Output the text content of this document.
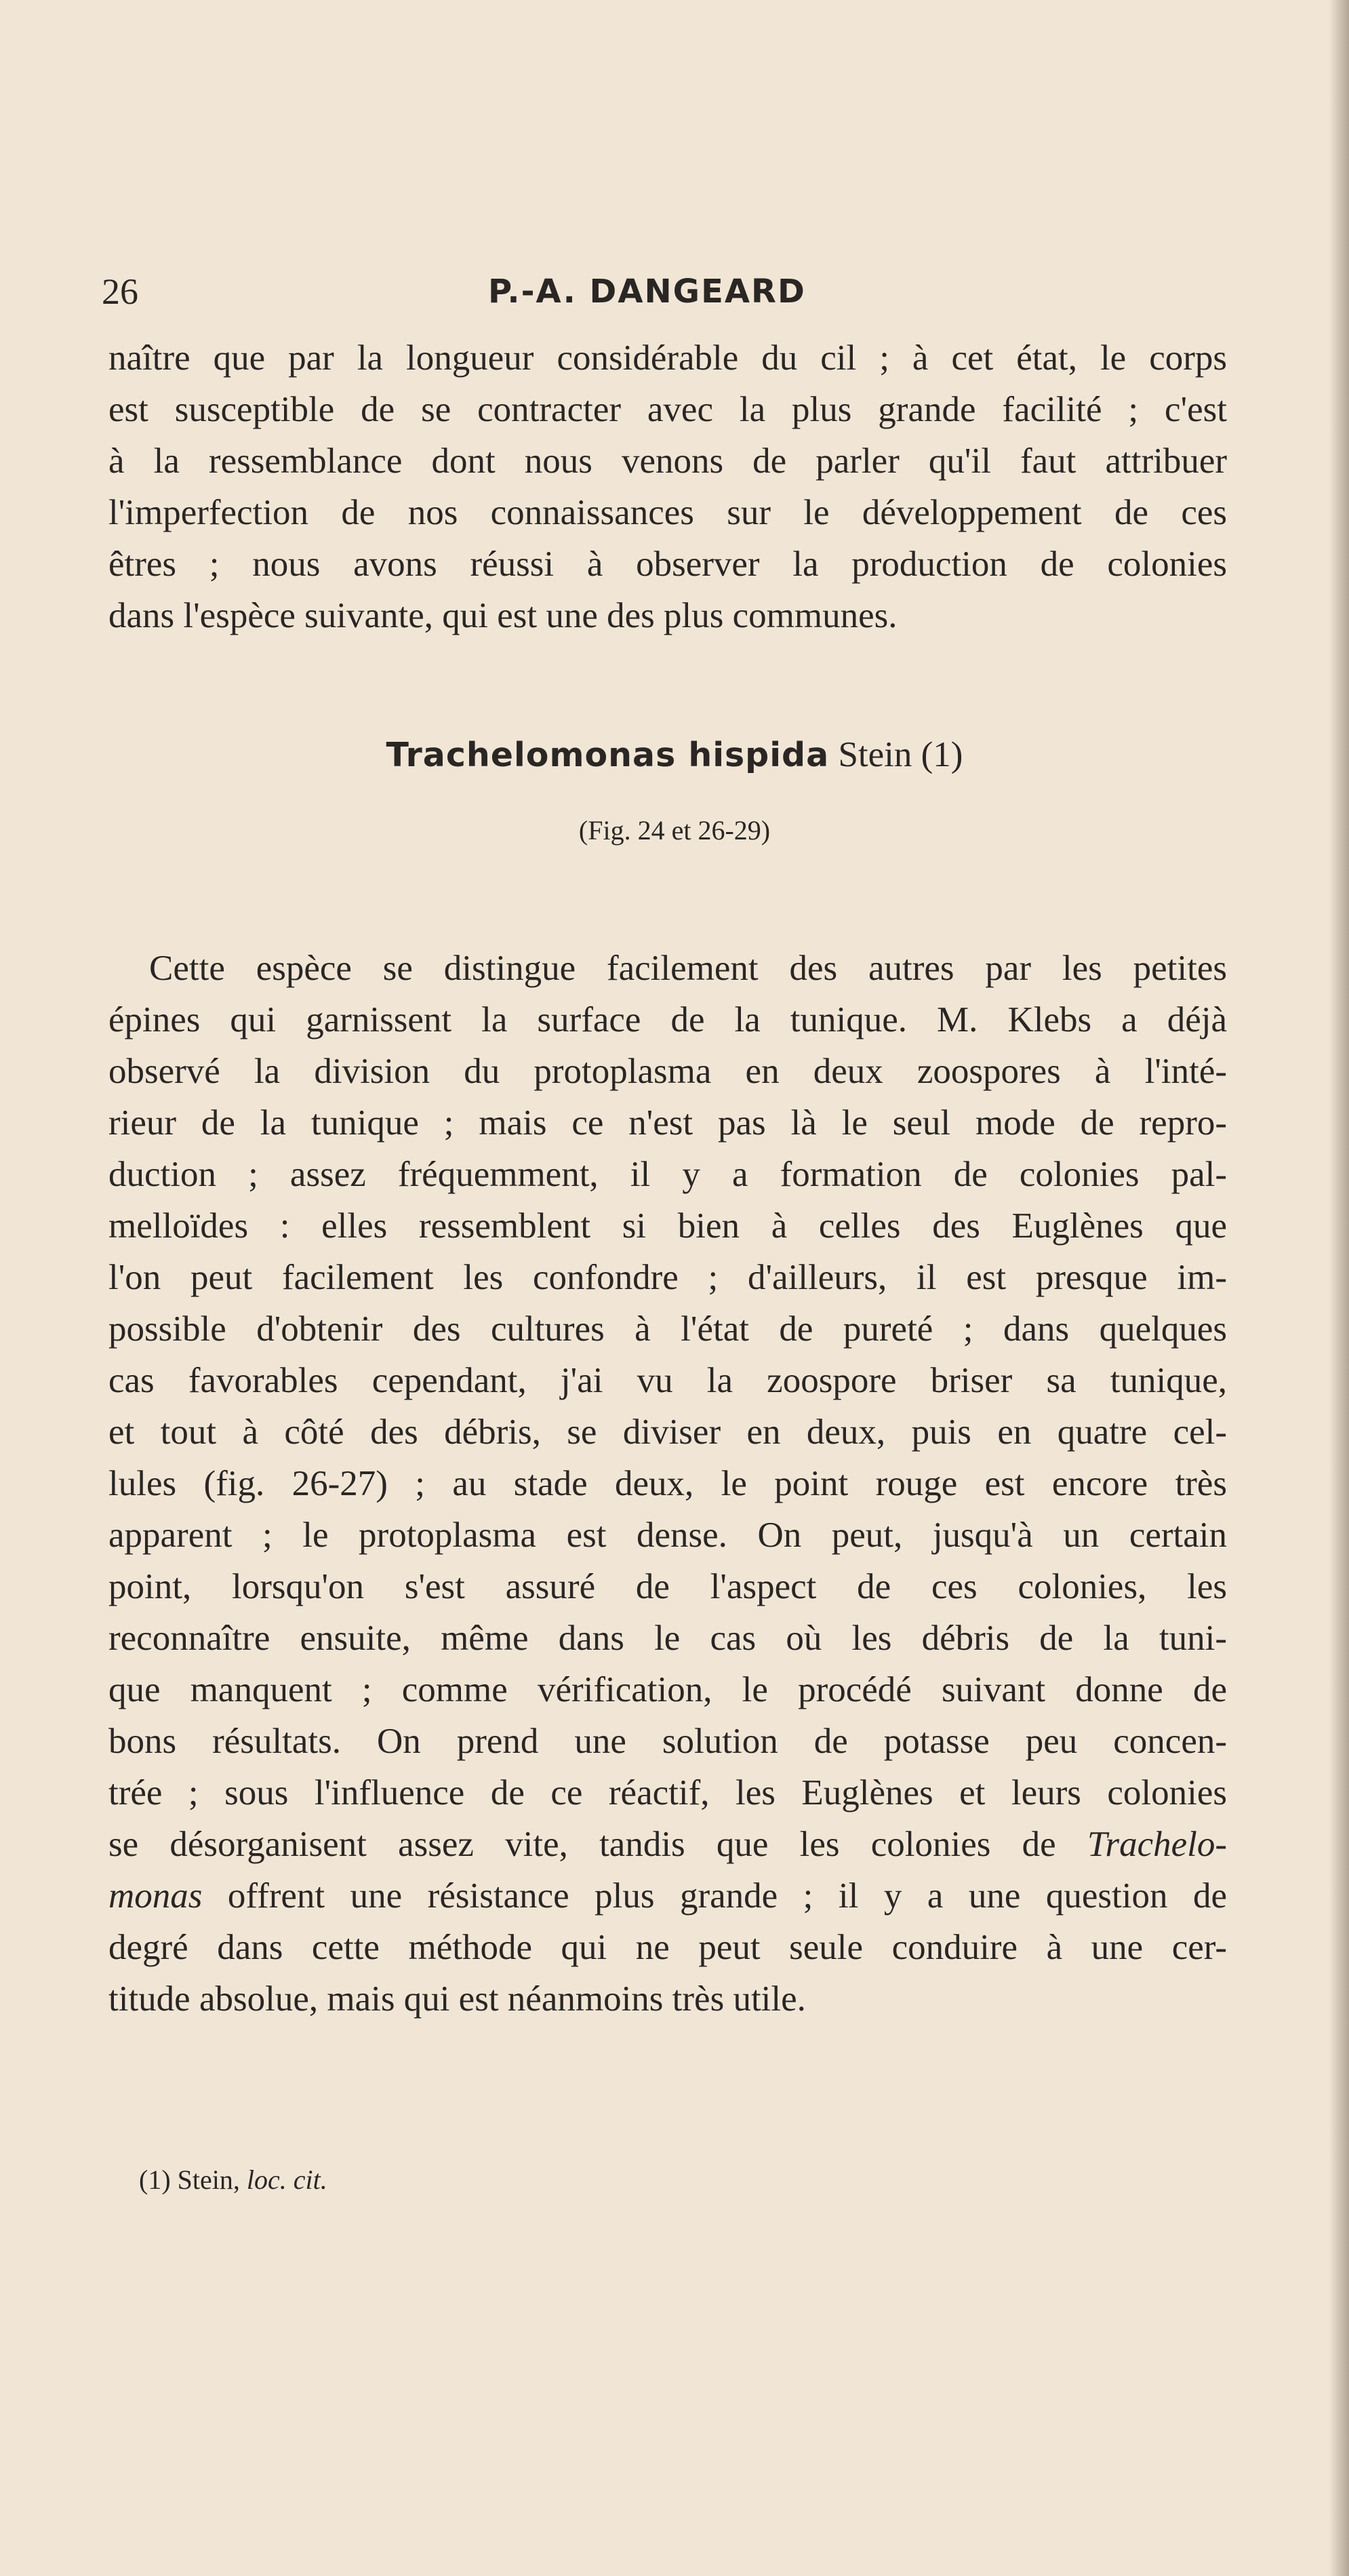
26	P.-A. DANGEARD
naître que par la longueur considérable du cil ; à cet état, le corps
est susceptible de se contracter avec la plus grande facilité ; c'est
à la ressemblance dont nous venons de parler qu'il faut attribuer
l'imperfection de nos connaissances sur le développement de ces
êtres ; nous avons réussi à observer la production de colonies
dans l'espèce suivante, qui est une des plus communes.
Trachelomonas hispida Stein (1)
(Fig. 24 et 26-29)
Cette espèce se distingue facilement des autres par les petites
épines qui garnissent la surface de la tunique. M. Klebs a déjà
observé la division du protoplasma en deux zoospores à l'inté-
rieur de la tunique ; mais ce n'est pas là le seul mode de repro-
duction ; assez fréquemment, il y a formation de colonies pal-
melloïdes : elles ressemblent si bien à celles des Euglènes que
l'on peut facilement les confondre ; d'ailleurs, il est presque im-
possible d'obtenir des cultures à l'état de pureté ; dans quelques
cas favorables cependant, j'ai vu la zoospore briser sa tunique,
et tout à côté des débris, se diviser en deux, puis en quatre cel-
lules (fig. 26-27) ; au stade deux, le point rouge est encore très
apparent ; le protoplasma est dense. On peut, jusqu'à un certain
point, lorsqu'on s'est assuré de l'aspect de ces colonies, les
reconnaître ensuite, même dans le cas où les débris de la tuni-
que manquent ; comme vérification, le procédé suivant donne de
bons résultats. On prend une solution de potasse peu concen-
trée ; sous l'influence de ce réactif, les Euglènes et leurs colonies
se désorganisent assez vite, tandis que les colonies de Trachelo-
monas offrent une résistance plus grande ; il y a une question de
degré dans cette méthode qui ne peut seule conduire à une cer-
titude absolue, mais qui est néanmoins très utile.
(1) Stein, loc. cit.
